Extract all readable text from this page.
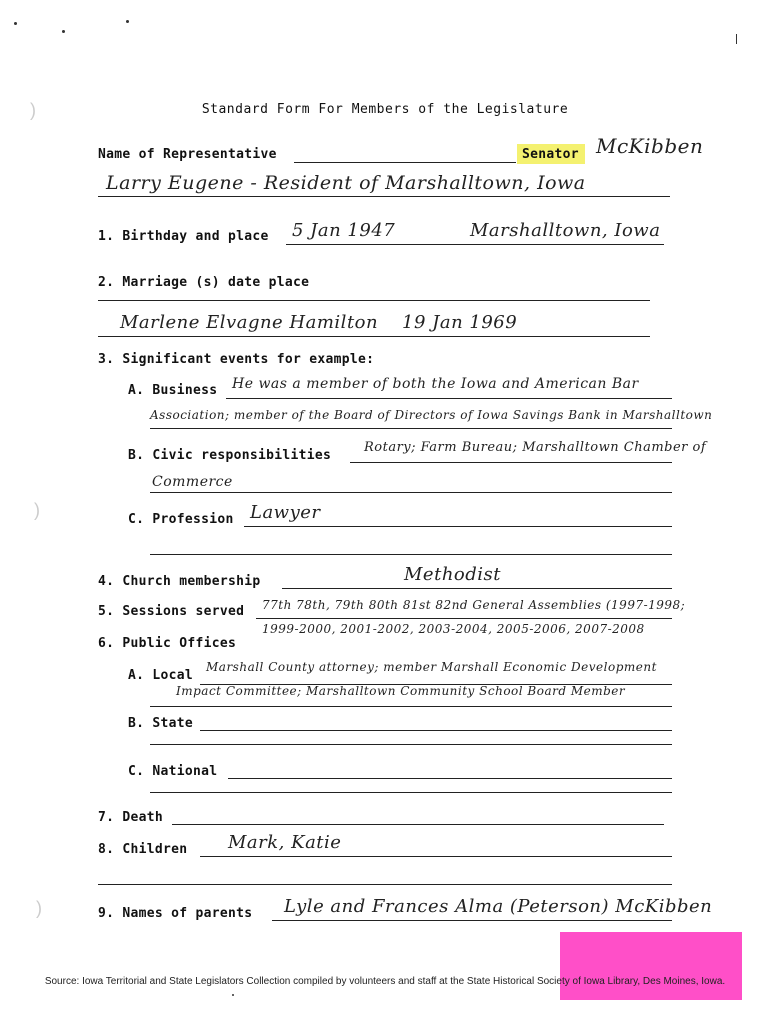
)
)
)
Standard Form For Members of the Legislature
Name of Representative	Senator McKibben
Larry Eugene - Resident of Marshalltown, Iowa
1. Birthday and place 5 Jan 1947	Marshalltown, Iowa
2. Marriage (s) date place
Marlene Elvagne Hamilton 19 Jan 1969
3. Significant events for example:
A. Business He was a member of both the Iowa and American Bar
Association; member of the Board of Directors of Iowa Savings Bank in Marshalltown
B. Civic responsibilities
Rotary; Farm Bureau; Marshalltown Chamber of
Commerce
C. Profession Lawyer
4. Church membership	Methodist
5. Sessions served 77th 78th, 79th 80th 81st 82nd General Assemblies (1997-1998;
1999-2000, 2001-2002, 2003-2004, 2005-2006, 2007-2008
6. Public Offices
A. Local
Marshall County attorney; member Marshall Economic Development
Impact Committee; Marshalltown Community School Board Member
B. State
C. National
7. Death
8. Children Mark, Katie
9. Names of parents Lyle and Frances Alma (Peterson) McKibben
Source: Iowa Territorial and State Legislators Collection compiled by volunteers and staff at the State Historical Society of Iowa Library, Des Moines, Iowa.
